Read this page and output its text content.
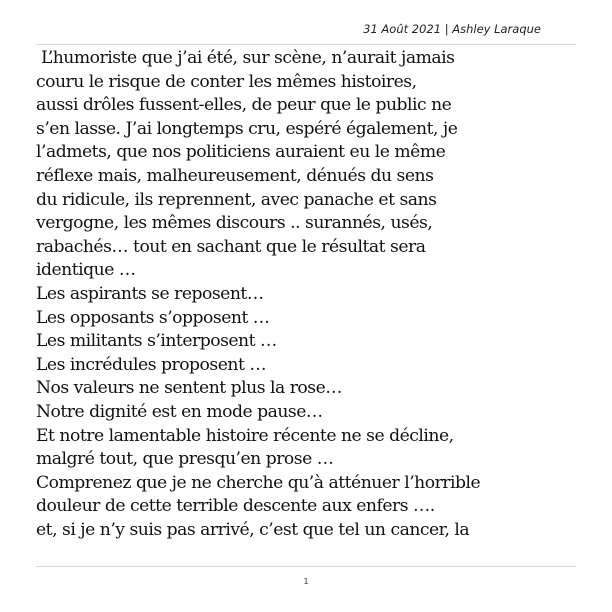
31 Août 2021 | Ashley Laraque
L’humoriste que j’ai été, sur scène, n’aurait jamais
couru le risque de conter les mêmes histoires,
aussi drôles fussent-elles, de peur que le public ne
s’en lasse. J’ai longtemps cru, espéré également, je
l’admets, que nos politiciens auraient eu le même
réflexe mais, malheureusement, dénués du sens
du ridicule, ils reprennent, avec panache et sans
vergogne, les mêmes discours .. surannés, usés,
rabachés… tout en sachant que le résultat sera
identique …
Les aspirants se reposent…
Les opposants s’opposent …
Les militants s’interposent …
Les incrédules proposent …
Nos valeurs ne sentent plus la rose…
Notre dignité est en mode pause…
Et notre lamentable histoire récente ne se décline,
malgré tout, que presqu’en prose …
Comprenez que je ne cherche qu’à atténuer l’horrible
douleur de cette terrible descente aux enfers ….
et, si je n’y suis pas arrivé, c’est que tel un cancer, la
1
